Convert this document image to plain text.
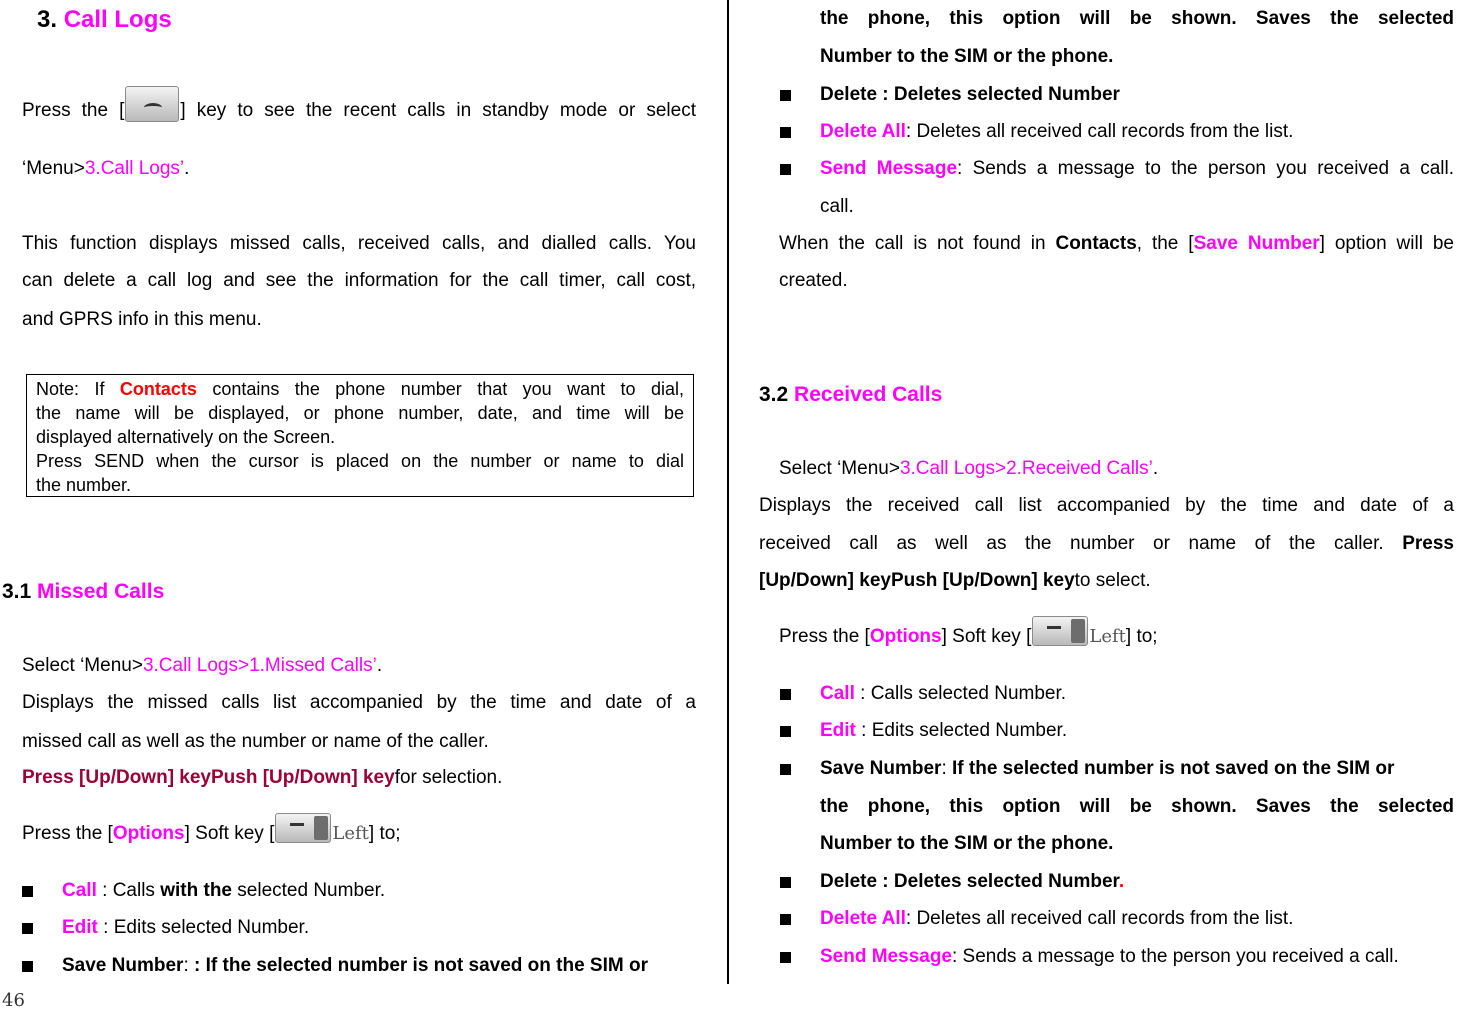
3. Call Logs
Press the [	] key to see the recent calls in standby mode or select
‘Menu>3.Call Logs’.
This function displays missed calls, received calls, and dialled calls. You
can delete a call log and see the information for the call timer, call cost,
and GPRS info in this menu.
Note: If Contacts contains the phone number that you want to dial,
the name will be displayed, or phone number, date, and time will be
displayed alternatively on the Screen.
Press SEND when the cursor is placed on the number or name to dial
the number.
3.1 Missed Calls
Select ‘Menu>3.Call Logs>1.Missed Calls’.
Displays the missed calls list accompanied by the time and date of a
missed call as well as the number or name of the caller.
Press [Up/Down] keyPush [Up/Down] keyfor selection.
Press the [Options] Soft key [	Left] to;
Call : Calls with the selected Number.
Edit : Edits selected Number.
Save Number: : If the selected number is not saved on the SIM or
46
the phone, this option will be shown. Saves the selected
Number to the SIM or the phone.
Delete : Deletes selected Number
Delete All: Deletes all received call records from the list.
Send Message: Sends a message to the person you received a call.
call.
When the call is not found in Contacts, the [Save Number] option will be
created.
3.2 Received Calls
Select ‘Menu>3.Call Logs>2.Received Calls’.
Displays the received call list accompanied by the time and date of a
received call as well as the number or name of the caller. Press
[Up/Down] keyPush [Up/Down] keyto select.
Press the [Options] Soft key [	Left] to;
Call : Calls selected Number.
Edit : Edits selected Number.
Save Number: If the selected number is not saved on the SIM or
the phone, this option will be shown. Saves the selected
Number to the SIM or the phone.
Delete : Deletes selected Number.
Delete All: Deletes all received call records from the list.
Send Message: Sends a message to the person you received a call.
